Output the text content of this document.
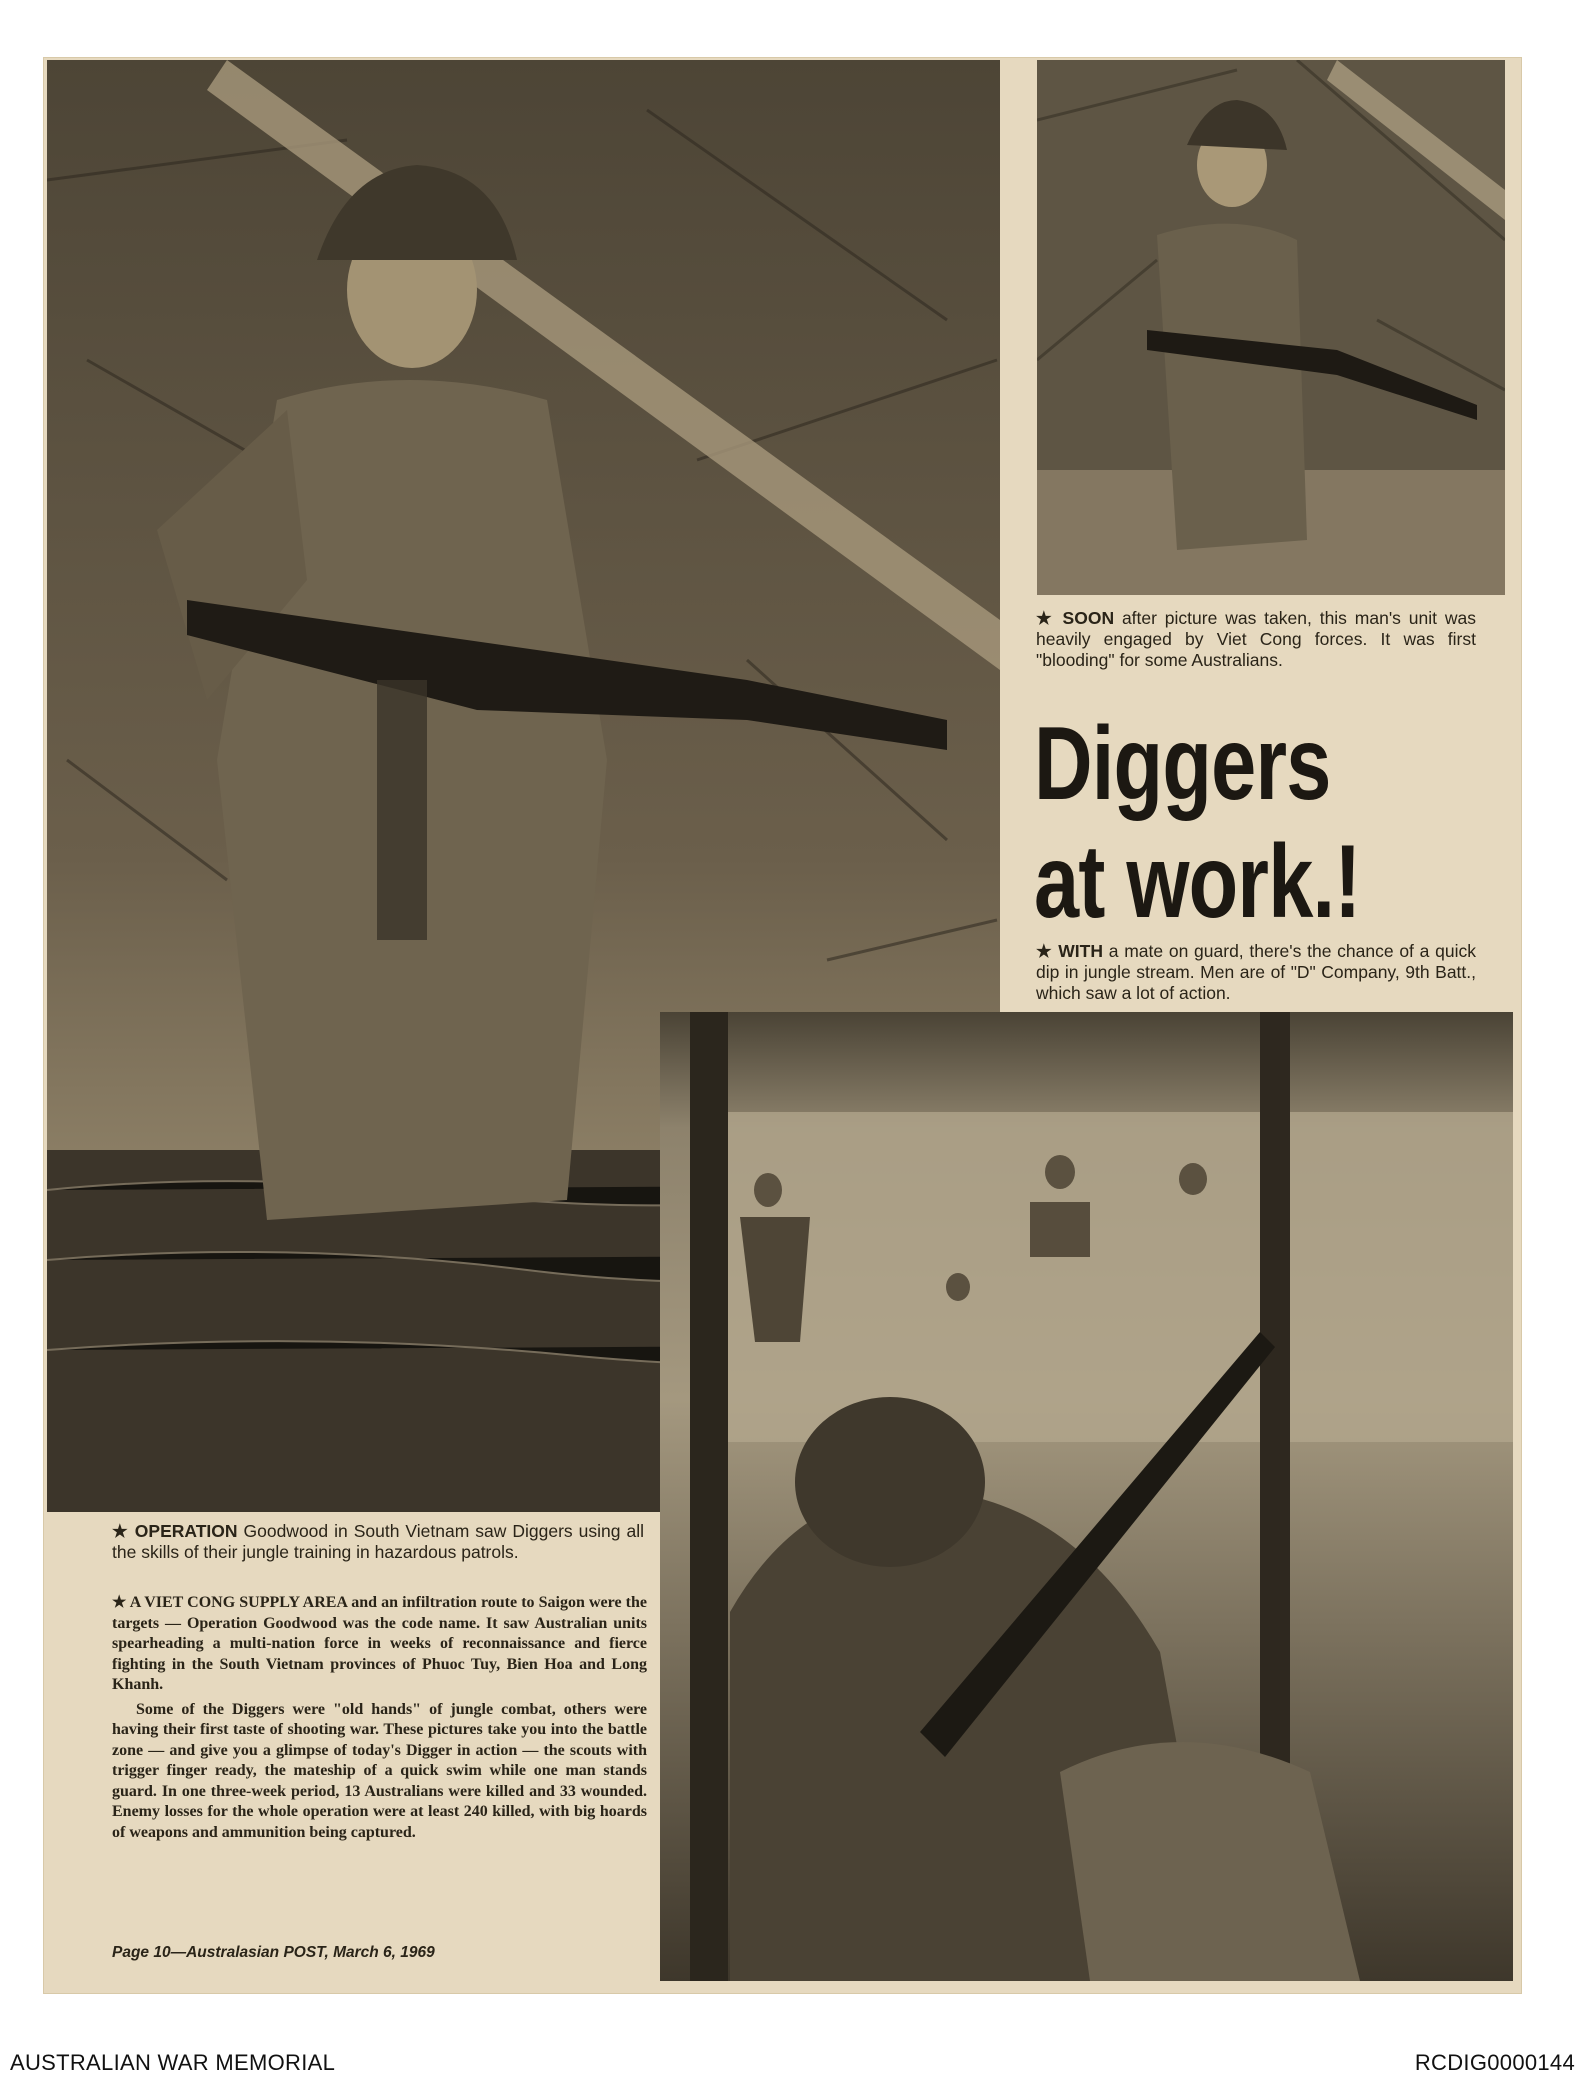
★ SOON after picture was taken, this man's unit was heavily engaged by Viet Cong forces. It was first "blooding" for some Australians.
Diggers
at work.!
★ WITH a mate on guard, there's the chance of a quick dip in jungle stream. Men are of "D" Company, 9th Batt., which saw a lot of action.
★ OPERATION Goodwood in South Vietnam saw Diggers using all the skills of their jungle training in hazardous patrols.

★ A VIET CONG SUPPLY AREA and an infiltration route to Saigon were the targets — Operation Goodwood was the code name. It saw Australian units spearheading a multi-nation force in weeks of reconnaissance and fierce fighting in the South Vietnam provinces of Phuoc Tuy, Bien Hoa and Long Khanh.

Some of the Diggers were "old hands" of jungle combat, others were having their first taste of shooting war. These pictures take you into the battle zone — and give you a glimpse of today's Digger in action — the scouts with trigger finger ready, the mateship of a quick swim while one man stands guard. In one three-week period, 13 Australians were killed and 33 wounded. Enemy losses for the whole operation were at least 240 killed, with big hoards of weapons and ammunition being captured.

Page 10—Australasian POST, March 6, 1969
AUSTRALIAN WAR MEMORIAL	RCDIG0000144
